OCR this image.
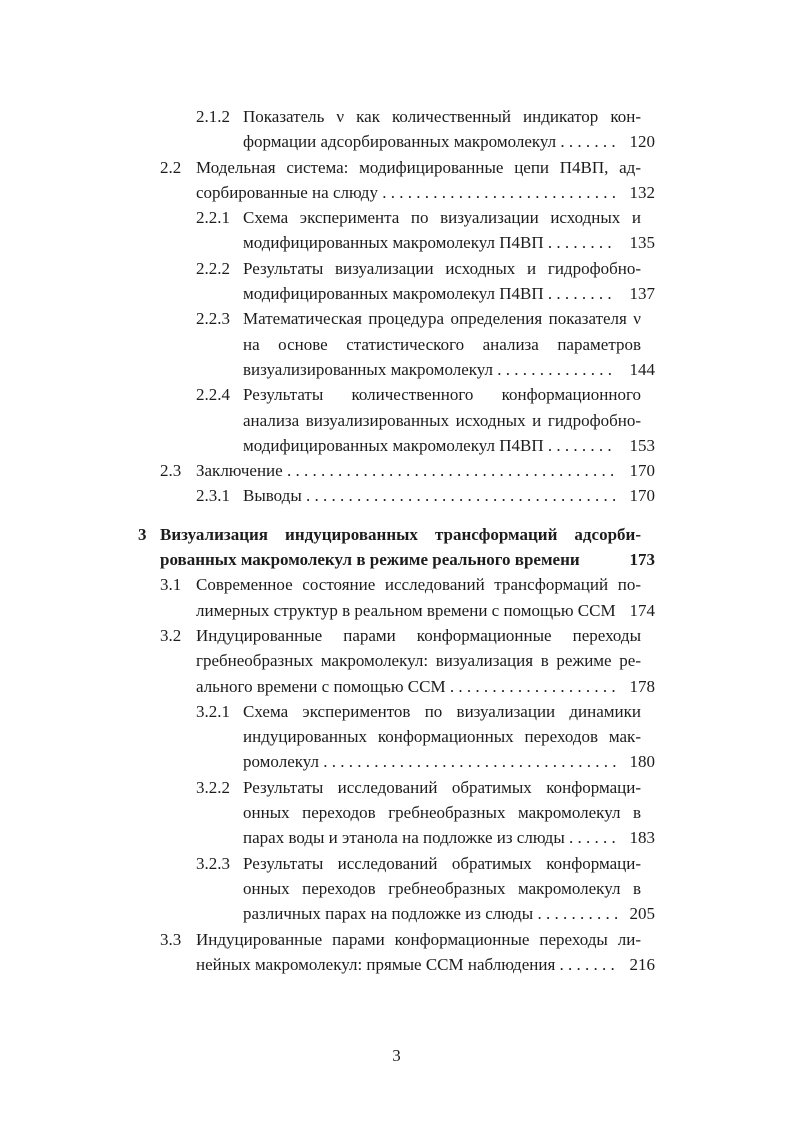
2.1.2 Показатель ν как количественный индикатор конформации адсорбированных макромолекул . . . . . . . 120
2.2 Модельная система: модифицированные цепи П4ВП, адсорбированные на слюду . . . . . . . . . . . . . . . . . . . . . . . . . . . . 132
2.2.1 Схема эксперимента по визуализации исходных и модифицированных макромолекул П4ВП . . . . . . . . 135
2.2.2 Результаты визуализации исходных и гидрофобно-модифицированных макромолекул П4ВП . . . . . . . . 137
2.2.3 Математическая процедура определения показателя ν на основе статистического анализа параметров визуализированных макромолекул . . . . . . . . . . . . . . 144
2.2.4 Результаты количественного конформационного анализа визуализированных исходных и гидрофобно-модифицированных макромолекул П4ВП . . . . . . . . 153
2.3 Заключение . . . . . . . . . . . . . . . . . . . . . . . . . . . . . . . . . . . . . . . 170
2.3.1 Выводы . . . . . . . . . . . . . . . . . . . . . . . . . . . . . . . . . . . . . 170
3 Визуализация индуцированных трансформаций адсорбированных макромолекул в режиме реального времени	173
3.1 Современное состояние исследований трансформаций полимерных структур в реальном времени с помощью ССМ 174
3.2 Индуцированные парами конформационные переходы гребнеобразных макромолекул: визуализация в режиме реального времени с помощью ССМ . . . . . . . . . . . . . . . . . . . . 178
3.2.1 Схема экспериментов по визуализации динамики индуцированных конформационных переходов макромолекул . . . . . . . . . . . . . . . . . . . . . . . . . . . . . . . . . . . 180
3.2.2 Результаты исследований обратимых конформационных переходов гребнеобразных макромолекул в парах воды и этанола на подложке из слюды . . . . . . 183
3.2.3 Результаты исследований обратимых конформационных переходов гребнеобразных макромолекул в различных парах на подложке из слюды . . . . . . . . . . 205
3.3 Индуцированные парами конформационные переходы линейных макромолекул: прямые ССМ наблюдения . . . . . . . 216
3
